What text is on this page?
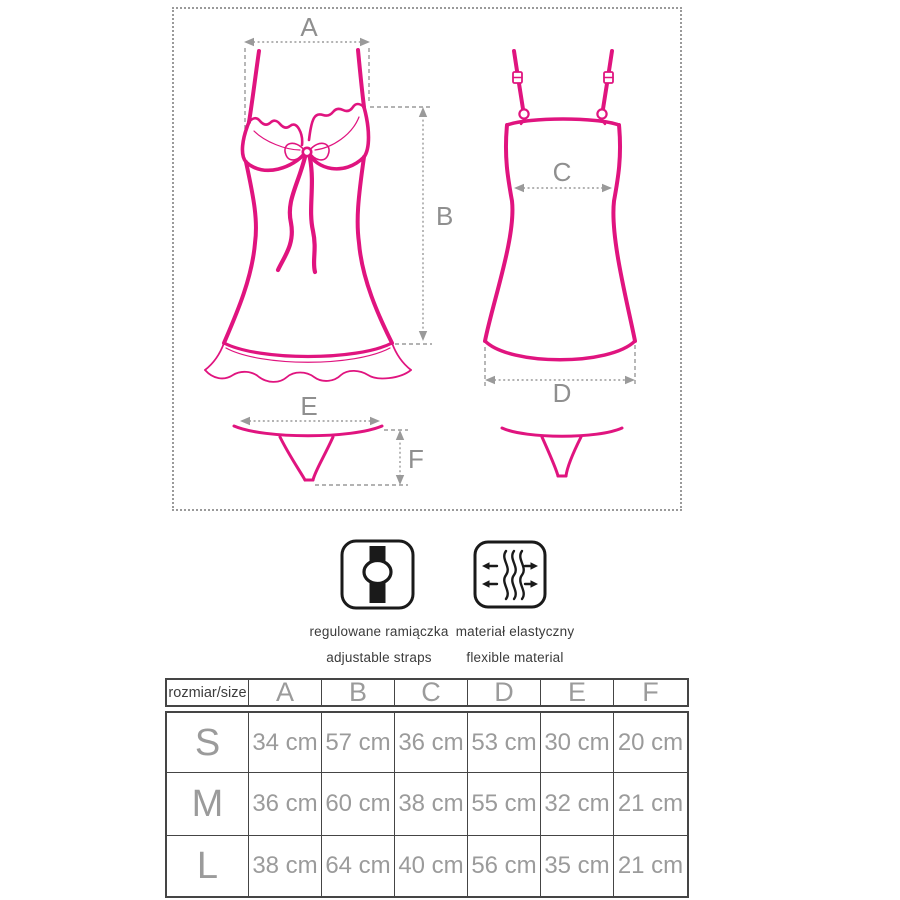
A
B
C
D
E
F
regulowane ramiączka
adjustable straps
materiał elastyczny
flexible material
rozmiar/size A B C D E F
S 34 cm 57 cm 36 cm 53 cm 30 cm 20 cm
M 36 cm 60 cm 38 cm 55 cm 32 cm 21 cm
L 38 cm 64 cm 40 cm 56 cm 35 cm 21 cm
